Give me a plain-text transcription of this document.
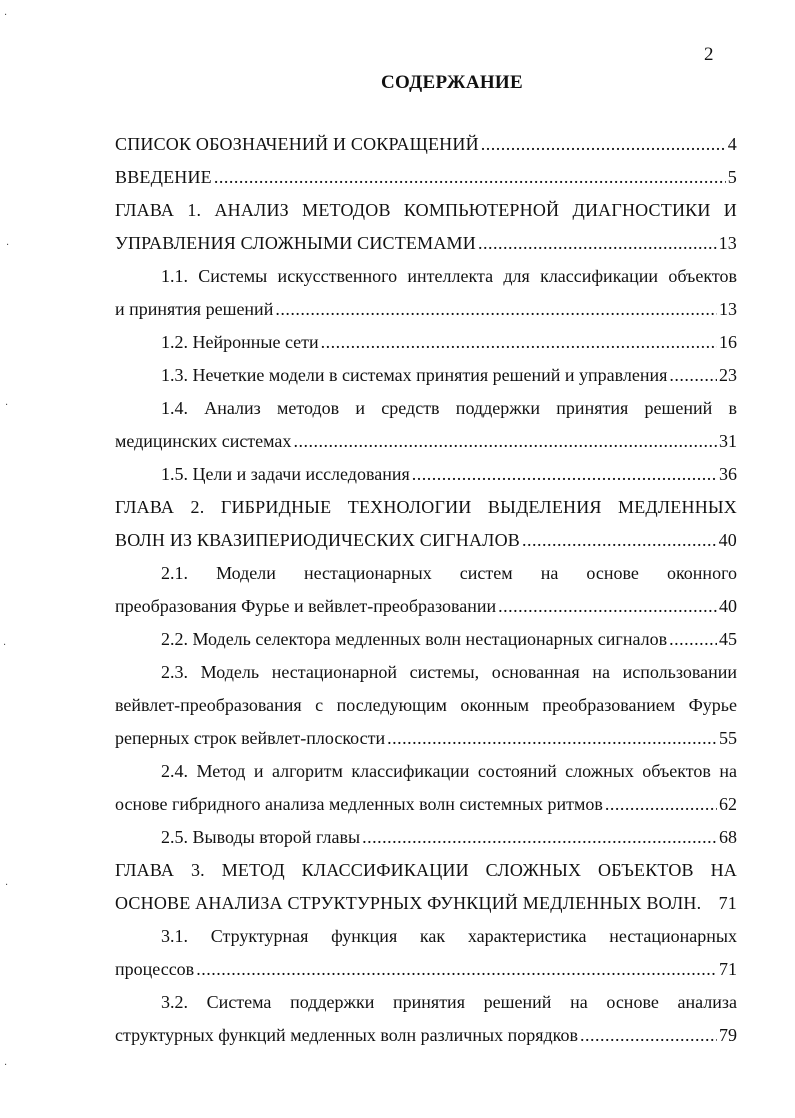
2
СОДЕРЖАНИЕ
СПИСОК ОБОЗНАЧЕНИЙ И СОКРАЩЕНИЙ .....	4
ВВЕДЕНИЕ .....	5
ГЛАВА 1. АНАЛИЗ МЕТОДОВ КОМПЬЮТЕРНОЙ ДИАГНОСТИКИ И
УПРАВЛЕНИЯ СЛОЖНЫМИ СИСТЕМАМИ .....	13
1.1. Системы искусственного интеллекта для классификации объектов
и принятия решений .....	13
1.2. Нейронные сети .....	16
1.3. Нечеткие модели в системах принятия решений и управления .....	23
1.4. Анализ методов и средств поддержки принятия решений в
медицинских системах .....	31
1.5. Цели и задачи исследования .....	36
ГЛАВА 2. ГИБРИДНЫЕ ТЕХНОЛОГИИ ВЫДЕЛЕНИЯ МЕДЛЕННЫХ
ВОЛН ИЗ КВАЗИПЕРИОДИЧЕСКИХ СИГНАЛОВ .....	40
2.1. Модели нестационарных систем на основе оконного
преобразования Фурье и вейвлет-преобразовании .....	40
2.2. Модель селектора медленных волн нестационарных сигналов .....	45
2.3. Модель нестационарной системы, основанная на использовании
вейвлет-преобразования с последующим оконным преобразованием Фурье
реперных строк вейвлет-плоскости .....	55
2.4. Метод и алгоритм классификации состояний сложных объектов на
основе гибридного анализа медленных волн системных ритмов .....	62
2.5. Выводы второй главы .....	68
ГЛАВА 3. МЕТОД КЛАССИФИКАЦИИ СЛОЖНЫХ ОБЪЕКТОВ НА
ОСНОВЕ АНАЛИЗА СТРУКТУРНЫХ ФУНКЦИЙ МЕДЛЕННЫХ ВОЛН. 71
3.1. Структурная функция как характеристика нестационарных
процессов .....	71
3.2. Система поддержки принятия решений на основе анализа
структурных функций медленных волн различных порядков .....	79
·
·
·
·
·
·
